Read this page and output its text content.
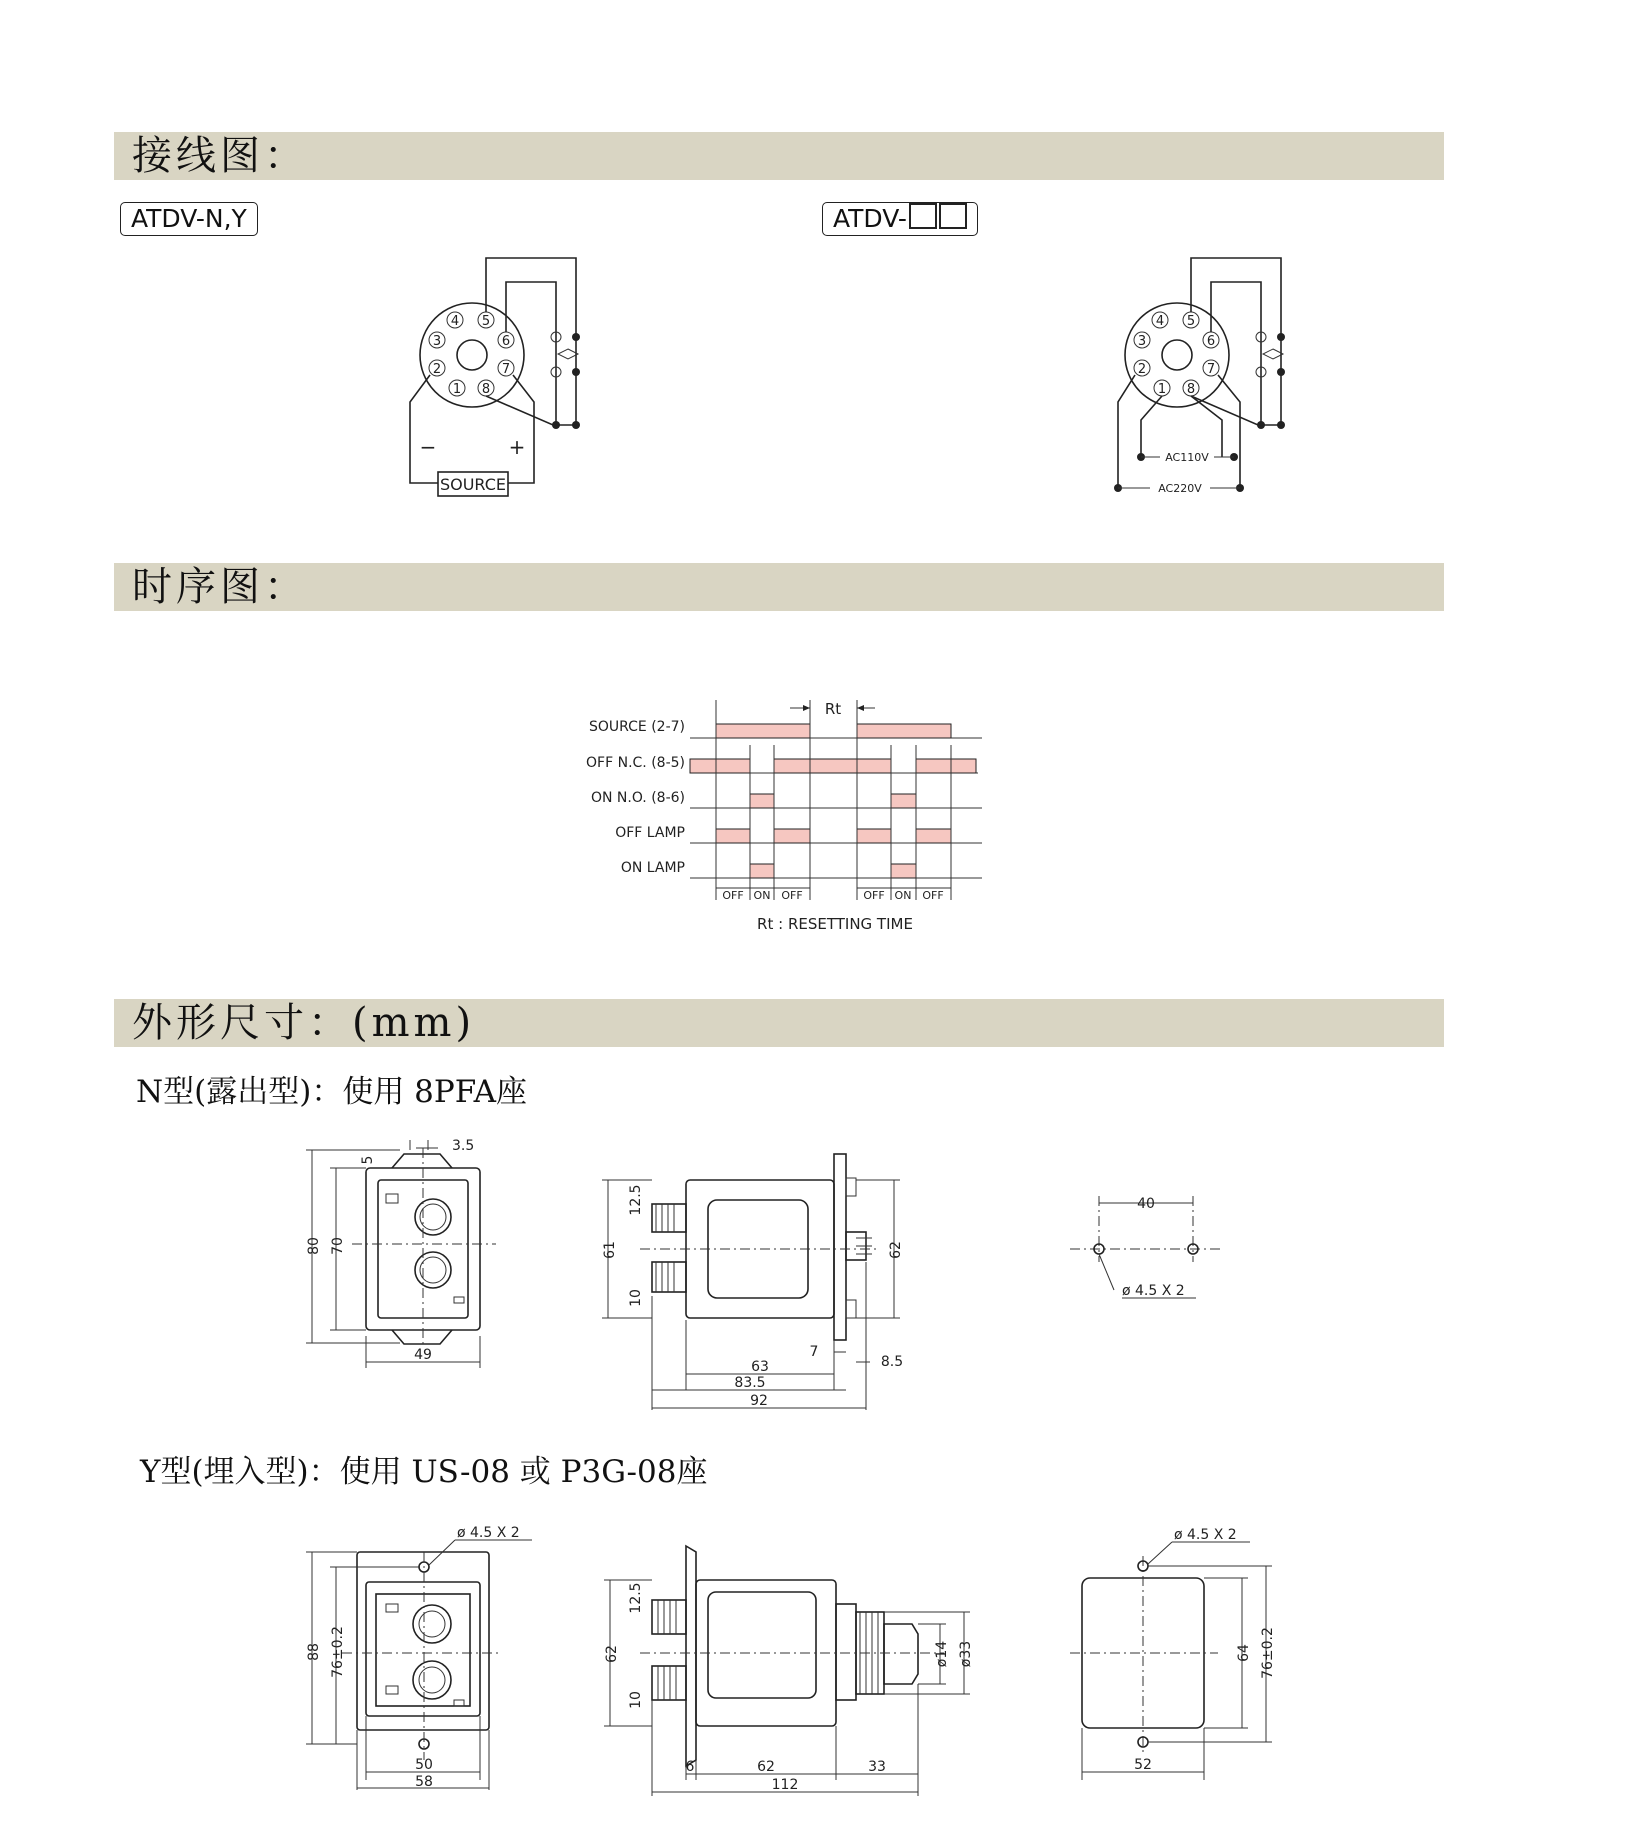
接线图：
时序图：
外形尺寸：(mm)
ATDV-N,Y	ATDV-
N型(露出型)：使用 8PFA座
Y型(埋入型)：使用 US-08 或 P3G-08座
4 5
3	6
2	7
1 8
SOURCE
−	+
4 5
3	6
2	7
1 8
AC110V
AC220V
SOURCE (2-7)
OFF N.C. (8-5)
ON N.O. (8-6)
OFF LAMP
ON LAMP
Rt
OFF ON OFF	OFF ON OFF
Rt : RESETTING TIME
80 70
49
5
3.5
61
12.5
10
62
63
83.5
92
7
8.5
40
ø 4.5 X 2
ø 4.5 X 2
88 76±0.2
50
58
62
12.5
10
ø14 ø33
6	62	33
112
ø 4.5 X 2
64 76±0.2
52
